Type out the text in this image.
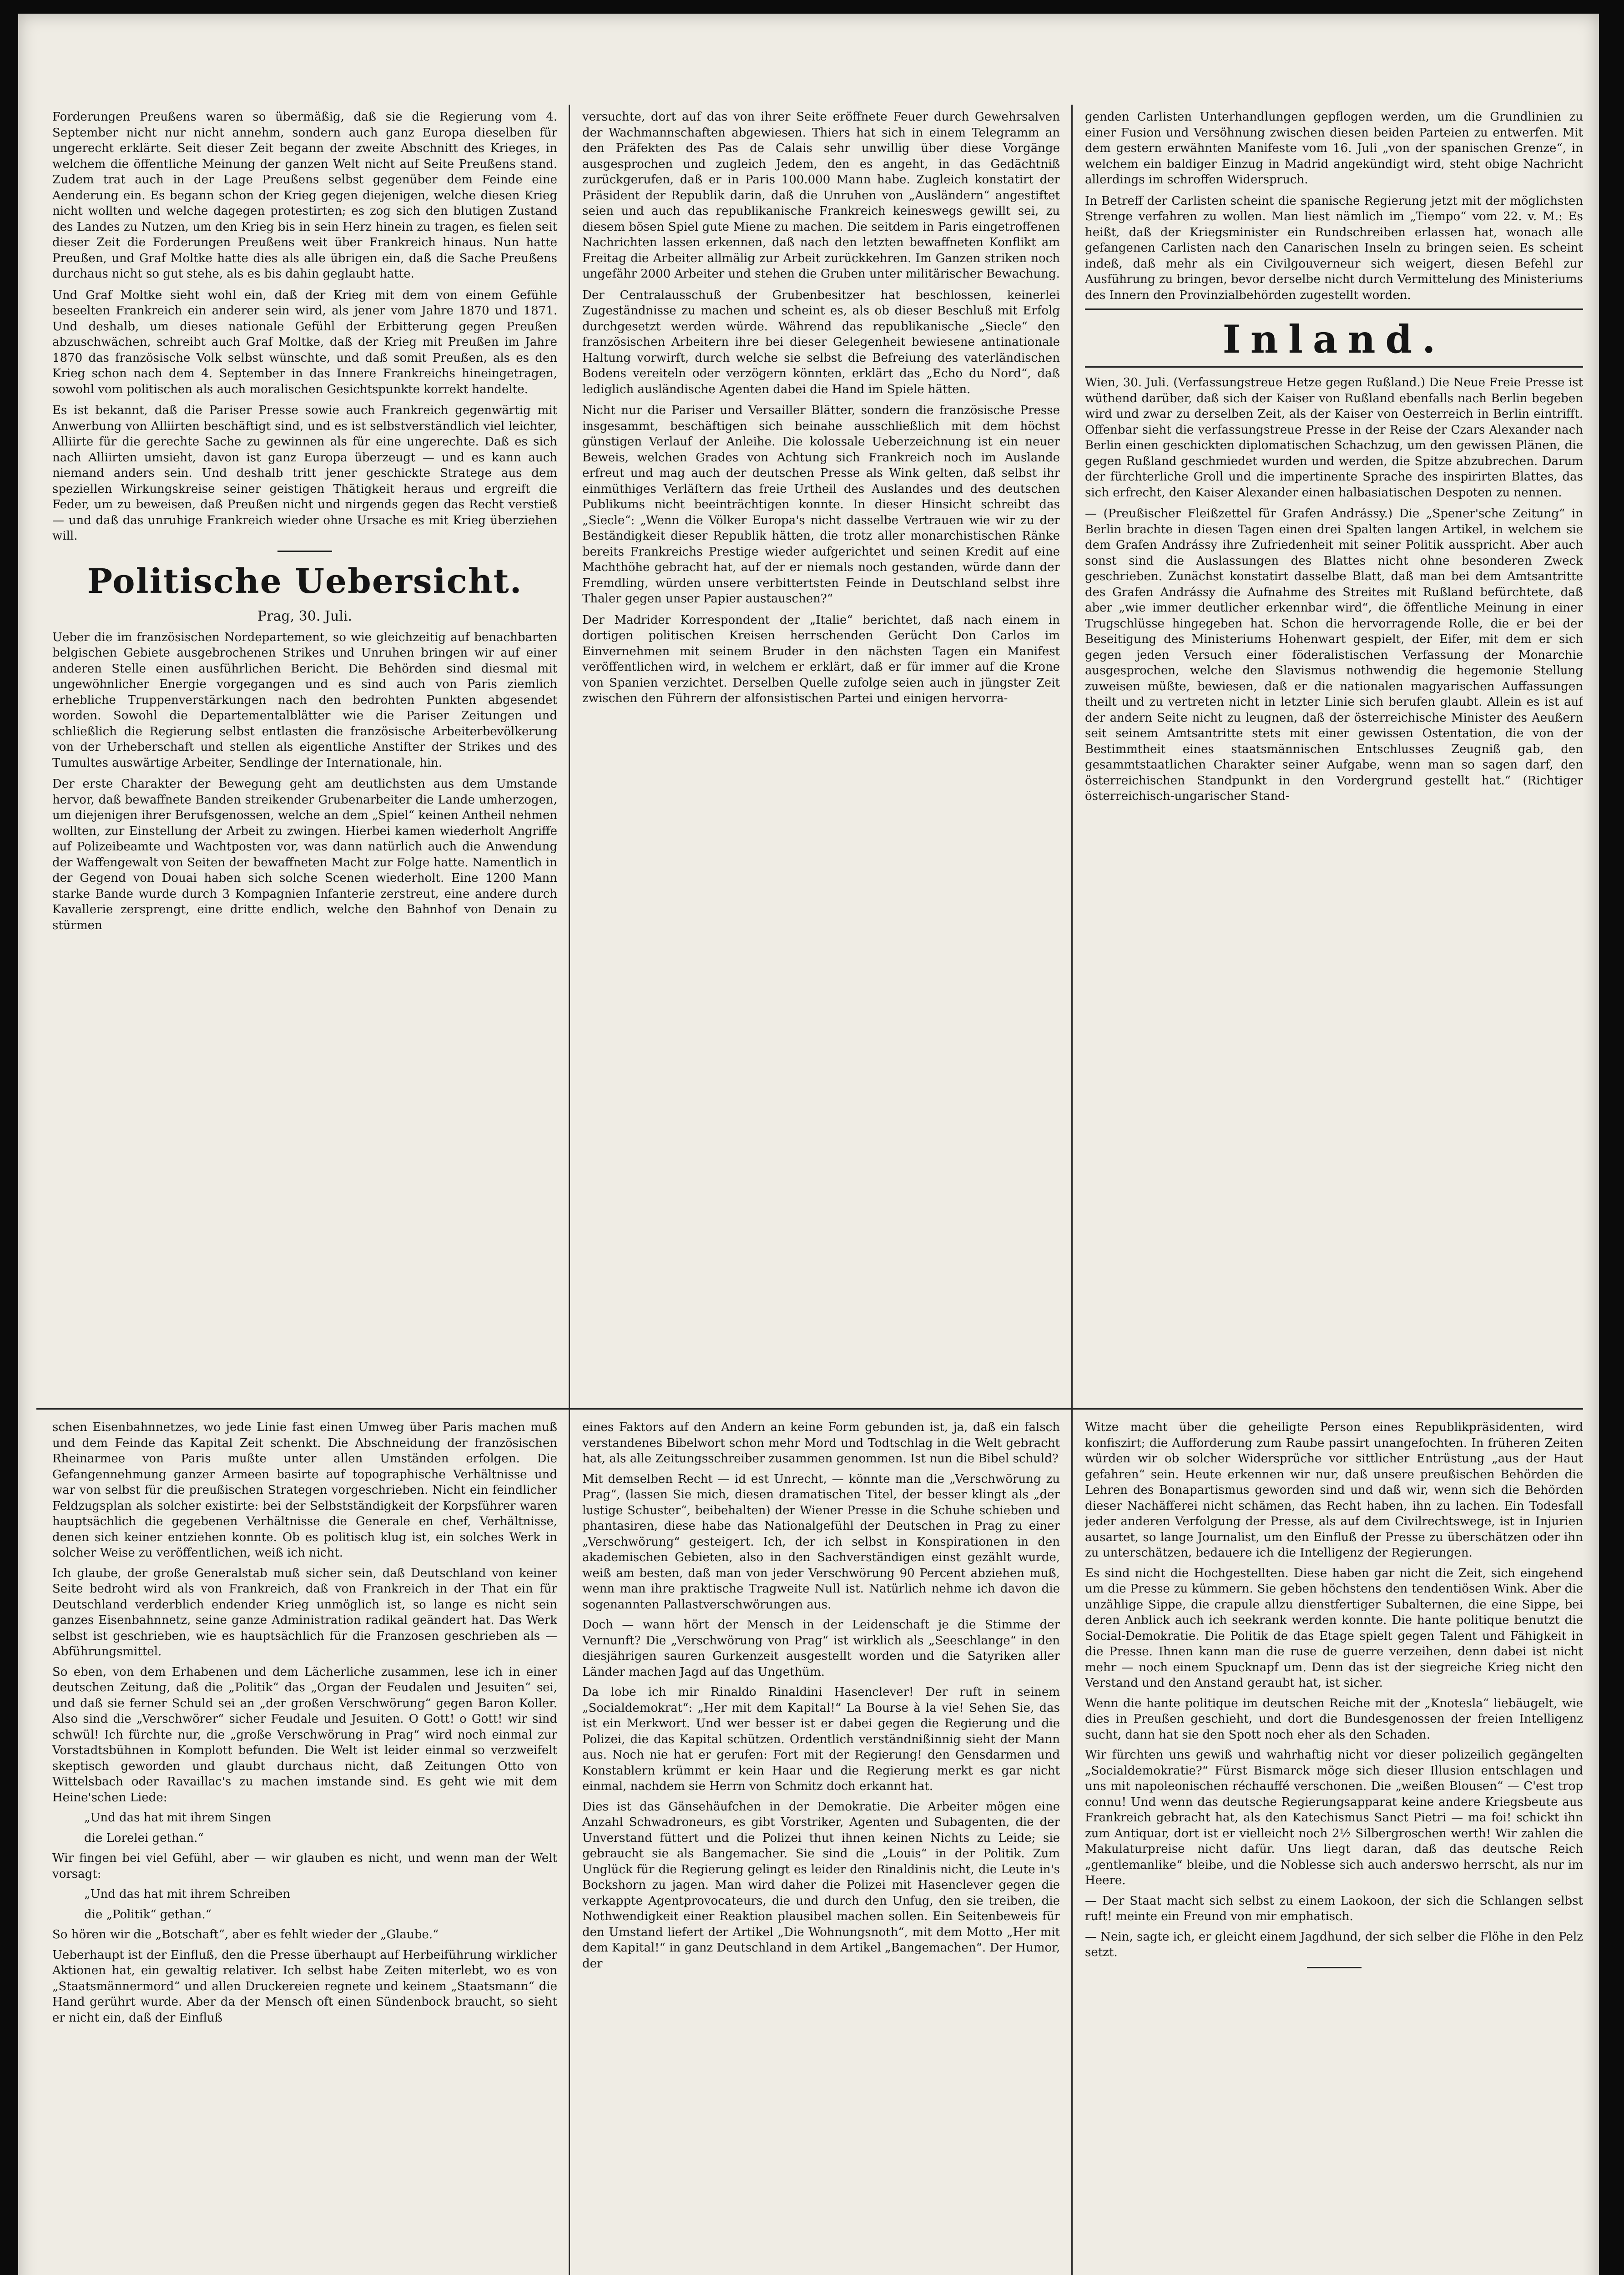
Forderungen Preußens waren so übermäßig, daß sie die Regierung vom 4. September nicht nur nicht annehm, sondern auch ganz Europa dieselben für ungerecht erklärte. Seit dieser Zeit begann der zweite Abschnitt des Krieges, in welchem die öffentliche Meinung der ganzen Welt nicht auf Seite Preußens stand. Zudem trat auch in der Lage Preußens selbst gegenüber dem Feinde eine Aenderung ein. Es begann schon der Krieg gegen diejenigen, welche diesen Krieg nicht wollten und welche dagegen protestirten; es zog sich den blutigen Zustand des Landes zu Nutzen, um den Krieg bis in sein Herz hinein zu tragen, es fielen seit dieser Zeit die Forderungen Preußens weit über Frankreich hinaus. Nun hatte Preußen, und Graf Moltke hatte dies als alle übrigen ein, daß die Sache Preußens durchaus nicht so gut stehe, als es bis dahin geglaubt hatte.

Und Graf Moltke sieht wohl ein, daß der Krieg mit dem von einem Gefühle beseelten Frankreich ein anderer sein wird, als jener vom Jahre 1870 und 1871. Und deshalb, um dieses nationale Gefühl der Erbitterung gegen Preußen abzuschwächen, schreibt auch Graf Moltke, daß der Krieg mit Preußen im Jahre 1870 das französische Volk selbst wünschte, und daß somit Preußen, als es den Krieg schon nach dem 4. September in das Innere Frankreichs hineingetragen, sowohl vom politischen als auch moralischen Gesichtspunkte korrekt handelte.

Es ist bekannt, daß die Pariser Presse sowie auch Frankreich gegenwärtig mit Anwerbung von Alliirten beschäftigt sind, und es ist selbstverständlich viel leichter, Alliirte für die gerechte Sache zu gewinnen als für eine ungerechte. Daß es sich nach Alliirten umsieht, davon ist ganz Europa überzeugt — und es kann auch niemand anders sein. Und deshalb tritt jener geschickte Stratege aus dem speziellen Wirkungskreise seiner geistigen Thätigkeit heraus und ergreift die Feder, um zu beweisen, daß Preußen nicht und nirgends gegen das Recht verstieß — und daß das unruhige Frankreich wieder ohne Ursache es mit Krieg überziehen will.

Politische Uebersicht.
Prag, 30. Juli.

Ueber die im französischen Nordepartement, so wie gleichzeitig auf benachbarten belgischen Gebiete ausgebrochenen Strikes und Unruhen bringen wir auf einer anderen Stelle einen ausführlichen Bericht. Die Behörden sind diesmal mit ungewöhnlicher Energie vorgegangen und es sind auch von Paris ziemlich erhebliche Truppenverstärkungen nach den bedrohten Punkten abgesendet worden. Sowohl die Departementalblätter wie die Pariser Zeitungen und schließlich die Regierung selbst entlasten die französische Arbeiterbevölkerung von der Urheberschaft und stellen als eigentliche Anstifter der Strikes und des Tumultes auswärtige Arbeiter, Sendlinge der Internationale, hin.

Der erste Charakter der Bewegung geht am deutlichsten aus dem Umstande hervor, daß bewaffnete Banden streikender Grubenarbeiter die Lande umherzogen, um diejenigen ihrer Berufsgenossen, welche an dem „Spiel“ keinen Antheil nehmen wollten, zur Einstellung der Arbeit zu zwingen. Hierbei kamen wiederholt Angriffe auf Polizeibeamte und Wachtposten vor, was dann natürlich auch die Anwendung der Waffengewalt von Seiten der bewaffneten Macht zur Folge hatte. Namentlich in der Gegend von Douai haben sich solche Scenen wiederholt. Eine 1200 Mann starke Bande wurde durch 3 Kompagnien Infanterie zerstreut, eine andere durch Kavallerie zersprengt, eine dritte endlich, welche den Bahnhof von Denain zu stürmen

versuchte, dort auf das von ihrer Seite eröffnete Feuer durch Gewehrsalven der Wachmannschaften abgewiesen. Thiers hat sich in einem Telegramm an den Präfekten des Pas de Calais sehr unwillig über diese Vorgänge ausgesprochen und zugleich Jedem, den es angeht, in das Gedächtniß zurückgerufen, daß er in Paris 100.000 Mann habe. Zugleich konstatirt der Präsident der Republik darin, daß die Unruhen von „Ausländern“ angestiftet seien und auch das republikanische Frankreich keineswegs gewillt sei, zu diesem bösen Spiel gute Miene zu machen. Die seitdem in Paris eingetroffenen Nachrichten lassen erkennen, daß nach den letzten bewaffneten Konflikt am Freitag die Arbeiter allmälig zur Arbeit zurückkehren. Im Ganzen striken noch ungefähr 2000 Arbeiter und stehen die Gruben unter militärischer Bewachung.

Der Centralausschuß der Grubenbesitzer hat beschlossen, keinerlei Zugeständnisse zu machen und scheint es, als ob dieser Beschluß mit Erfolg durchgesetzt werden würde. Während das republikanische „Siecle“ den französischen Arbeitern ihre bei dieser Gelegenheit bewiesene antinationale Haltung vorwirft, durch welche sie selbst die Befreiung des vaterländischen Bodens vereiteln oder verzögern könnten, erklärt das „Echo du Nord“, daß lediglich ausländische Agenten dabei die Hand im Spiele hätten.

Nicht nur die Pariser und Versailler Blätter, sondern die französische Presse insgesammt, beschäftigen sich beinahe ausschließlich mit dem höchst günstigen Verlauf der Anleihe. Die kolossale Ueberzeichnung ist ein neuer Beweis, welchen Grades von Achtung sich Frankreich noch im Auslande erfreut und mag auch der deutschen Presse als Wink gelten, daß selbst ihr einmüthiges Verläſtern das freie Urtheil des Auslandes und des deutschen Publikums nicht beeinträchtigen konnte. In dieser Hinsicht schreibt das „Siecle“: „Wenn die Völker Europa's nicht dasselbe Vertrauen wie wir zu der Beständigkeit dieser Republik hätten, die trotz aller monarchistischen Ränke bereits Frankreichs Prestige wieder aufgerichtet und seinen Kredit auf eine Machthöhe gebracht hat, auf der er niemals noch gestanden, würde dann der Fremdling, würden unsere verbittertsten Feinde in Deutschland selbst ihre Thaler gegen unser Papier austauschen?“

Der Madrider Korrespondent der „Italie“ berichtet, daß nach einem in dortigen politischen Kreisen herrschenden Gerücht Don Carlos im Einvernehmen mit seinem Bruder in den nächsten Tagen ein Manifest veröffentlichen wird, in welchem er erklärt, daß er für immer auf die Krone von Spanien verzichtet. Derselben Quelle zufolge seien auch in jüngster Zeit zwischen den Führern der alfonsistischen Partei und einigen hervorra-

genden Carlisten Unterhandlungen gepflogen werden, um die Grundlinien zu einer Fusion und Versöhnung zwischen diesen beiden Parteien zu entwerfen. Mit dem gestern erwähnten Manifeste vom 16. Juli „von der spanischen Grenze“, in welchem ein baldiger Einzug in Madrid angekündigt wird, steht obige Nachricht allerdings im schroffen Widerspruch.

In Betreff der Carlisten scheint die spanische Regierung jetzt mit der möglichsten Strenge verfahren zu wollen. Man liest nämlich im „Tiempo“ vom 22. v. M.: Es heißt, daß der Kriegsminister ein Rundschreiben erlassen hat, wonach alle gefangenen Carlisten nach den Canarischen Inseln zu bringen seien. Es scheint indeß, daß mehr als ein Civilgouverneur sich weigert, diesen Befehl zur Ausführung zu bringen, bevor derselbe nicht durch Vermittelung des Ministeriums des Innern den Provinzialbehörden zugestellt worden.

Inland.

Wien, 30. Juli. (Verfassungstreue Hetze gegen Rußland.) Die Neue Freie Presse ist wüthend darüber, daß sich der Kaiser von Rußland ebenfalls nach Berlin begeben wird und zwar zu derselben Zeit, als der Kaiser von Oesterreich in Berlin eintrifft. Offenbar sieht die verfassungstreue Presse in der Reise der Czars Alexander nach Berlin einen geschickten diplomatischen Schachzug, um den gewissen Plänen, die gegen Rußland geschmiedet wurden und werden, die Spitze abzubrechen. Darum der fürchterliche Groll und die impertinente Sprache des inspirirten Blattes, das sich erfrecht, den Kaiser Alexander einen halbasiatischen Despoten zu nennen.

— (Preußischer Fleißzettel für Grafen Andrássy.) Die „Spener'sche Zeitung“ in Berlin brachte in diesen Tagen einen drei Spalten langen Artikel, in welchem sie dem Grafen Andrássy ihre Zufriedenheit mit seiner Politik ausspricht. Aber auch sonst sind die Auslassungen des Blattes nicht ohne besonderen Zweck geschrieben. Zunächst konstatirt dasselbe Blatt, daß man bei dem Amtsantritte des Grafen Andrássy die Aufnahme des Streites mit Rußland befürchtete, daß aber „wie immer deutlicher erkennbar wird“, die öffentliche Meinung in einer Trugschlüsse hingegeben hat. Schon die hervorragende Rolle, die er bei der Beseitigung des Ministeriums Hohenwart gespielt, der Eifer, mit dem er sich gegen jeden Versuch einer föderalistischen Verfassung der Monarchie ausgesprochen, welche den Slavismus nothwendig die hegemonie Stellung zuweisen müßte, bewiesen, daß er die nationalen magyarischen Auffassungen theilt und zu vertreten nicht in letzter Linie sich berufen glaubt. Allein es ist auf der andern Seite nicht zu leugnen, daß der österreichische Minister des Aeußern seit seinem Amtsantritte stets mit einer gewissen Ostentation, die von der Bestimmtheit eines staatsmännischen Entschlusses Zeugniß gab, den gesammtstaatlichen Charakter seiner Aufgabe, wenn man so sagen darf, den österreichischen Standpunkt in den Vordergrund gestellt hat.“ (Richtiger österreichisch-ungarischer Stand-

schen Eisenbahnnetzes, wo jede Linie fast einen Umweg über Paris machen muß und dem Feinde das Kapital Zeit schenkt. Die Abschneidung der französischen Rheinarmee von Paris mußte unter allen Umständen erfolgen. Die Gefangennehmung ganzer Armeen basirte auf topographische Verhältnisse und war von selbst für die preußischen Strategen vorgeschrieben. Nicht ein feindlicher Feldzugsplan als solcher existirte: bei der Selbstständigkeit der Korpsführer waren hauptsächlich die gegebenen Verhältnisse die Generale en chef, Verhältnisse, denen sich keiner entziehen konnte. Ob es politisch klug ist, ein solches Werk in solcher Weise zu veröffentlichen, weiß ich nicht.

Ich glaube, der große Generalstab muß sicher sein, daß Deutschland von keiner Seite bedroht wird als von Frankreich, daß von Frankreich in der That ein für Deutschland verderblich endender Krieg unmöglich ist, so lange es nicht sein ganzes Eisenbahnnetz, seine ganze Administration radikal geändert hat. Das Werk selbst ist geschrieben, wie es hauptsächlich für die Franzosen geschrieben als — Abführungsmittel.

So eben, von dem Erhabenen und dem Lächerliche zusammen, lese ich in einer deutschen Zeitung, daß die „Politik“ das „Organ der Feudalen und Jesuiten“ sei, und daß sie ferner Schuld sei an „der großen Verschwörung“ gegen Baron Koller. Also sind die „Verschwörer“ sicher Feudale und Jesuiten. O Gott! o Gott! wir sind schwül! Ich fürchte nur, die „große Verschwörung in Prag“ wird noch einmal zur Vorstadtsbühnen in Komplott befunden. Die Welt ist leider einmal so verzweifelt skeptisch geworden und glaubt durchaus nicht, daß Zeitungen Otto von Wittelsbach oder Ravaillac's zu machen imstande sind. Es geht wie mit dem Heine'schen Liede:

„Und das hat mit ihrem Singen

die Lorelei gethan.“

Wir fingen bei viel Gefühl, aber — wir glauben es nicht, und wenn man der Welt vorsagt:

„Und das hat mit ihrem Schreiben

die „Politik“ gethan.“

So hören wir die „Botschaft“, aber es fehlt wieder der „Glaube.“

Ueberhaupt ist der Einfluß, den die Presse überhaupt auf Herbeiführung wirklicher Aktionen hat, ein gewaltig relativer. Ich selbst habe Zeiten miterlebt, wo es von „Staatsmännermord“ und allen Druckereien regnete und keinem „Staatsmann“ die Hand gerührt wurde. Aber da der Mensch oft einen Sündenbock braucht, so sieht er nicht ein, daß der Einfluß

eines Faktors auf den Andern an keine Form gebunden ist, ja, daß ein falsch verstandenes Bibelwort schon mehr Mord und Todtschlag in die Welt gebracht hat, als alle Zeitungsschreiber zusammen genommen. Ist nun die Bibel schuld?

Mit demselben Recht — id est Unrecht, — könnte man die „Verschwörung zu Prag“, (lassen Sie mich, diesen dramatischen Titel, der besser klingt als „der lustige Schuster“, beibehalten) der Wiener Presse in die Schuhe schieben und phantasiren, diese habe das Nationalgefühl der Deutschen in Prag zu einer „Verschwörung“ gesteigert. Ich, der ich selbst in Konspirationen in den akademischen Gebieten, also in den Sachverständigen einst gezählt wurde, weiß am besten, daß man von jeder Verschwörung 90 Percent abziehen muß, wenn man ihre praktische Tragweite Null ist. Natürlich nehme ich davon die sogenannten Pallastverschwörungen aus.

Doch — wann hört der Mensch in der Leidenschaft je die Stimme der Vernunft? Die „Verschwörung von Prag“ ist wirklich als „Seeschlange“ in den diesjährigen sauren Gurkenzeit ausgestellt worden und die Satyriken aller Länder machen Jagd auf das Ungethüm.

Da lobe ich mir Rinaldo Rinaldini Hasenclever! Der ruft in seinem „Socialdemokrat“: „Her mit dem Kapital!“ La Bourse à la vie! Sehen Sie, das ist ein Merkwort. Und wer besser ist er dabei gegen die Regierung und die Polizei, die das Kapital schützen. Ordentlich verständnißinnig sieht der Mann aus. Noch nie hat er gerufen: Fort mit der Regierung! den Gensdarmen und Konstablern krümmt er kein Haar und die Regierung merkt es gar nicht einmal, nachdem sie Herrn von Schmitz doch erkannt hat.

Dies ist das Gänsehäufchen in der Demokratie. Die Arbeiter mögen eine Anzahl Schwadroneurs, es gibt Vorstriker, Agenten und Subagenten, die der Unverstand füttert und die Polizei thut ihnen keinen Nichts zu Leide; sie gebraucht sie als Bangemacher. Sie sind die „Louis“ in der Politik. Zum Unglück für die Regierung gelingt es leider den Rinaldinis nicht, die Leute in's Bockshorn zu jagen. Man wird daher die Polizei mit Hasenclever gegen die verkappte Agentprovocateurs, die und durch den Unfug, den sie treiben, die Nothwendigkeit einer Reaktion plausibel machen sollen. Ein Seitenbeweis für den Umstand liefert der Artikel „Die Wohnungsnoth“, mit dem Motto „Her mit dem Kapital!“ in ganz Deutschland in dem Artikel „Bangemachen“. Der Humor, der

Witze macht über die geheiligte Person eines Republikpräsidenten, wird konfiszirt; die Aufforderung zum Raube passirt unangefochten. In früheren Zeiten würden wir ob solcher Widersprüche vor sittlicher Entrüstung „aus der Haut gefahren“ sein. Heute erkennen wir nur, daß unsere preußischen Behörden die Lehren des Bonapartismus geworden sind und daß wir, wenn sich die Behörden dieser Nachäfferei nicht schämen, das Recht haben, ihn zu lachen. Ein Todesfall jeder anderen Verfolgung der Presse, als auf dem Civilrechtswege, ist in Injurien ausartet, so lange Journalist, um den Einfluß der Presse zu überschätzen oder ihn zu unterschätzen, bedauere ich die Intelligenz der Regierungen.

Es sind nicht die Hochgestellten. Diese haben gar nicht die Zeit, sich eingehend um die Presse zu kümmern. Sie geben höchstens den tendentiösen Wink. Aber die unzählige Sippe, die crapule allzu dienstfertiger Subalternen, die eine Sippe, bei deren Anblick auch ich seekrank werden konnte. Die hante politique benutzt die Social-Demokratie. Die Politik de das Etage spielt gegen Talent und Fähigkeit in die Presse. Ihnen kann man die ruse de guerre verzeihen, denn dabei ist nicht mehr — noch einem Spucknapf um. Denn das ist der siegreiche Krieg nicht den Verstand und den Anstand geraubt hat, ist sicher.

Wenn die hante politique im deutschen Reiche mit der „Knotesla“ liebäugelt, wie dies in Preußen geschieht, und dort die Bundesgenossen der freien Intelligenz sucht, dann hat sie den Spott noch eher als den Schaden.

Wir fürchten uns gewiß und wahrhaftig nicht vor dieser polizeilich gegängelten „Socialdemokratie?“ Fürst Bismarck möge sich dieser Illusion entschlagen und uns mit napoleonischen réchauffé verschonen. Die „weißen Blousen“ — C'est trop connu! Und wenn das deutsche Regierungsapparat keine andere Kriegsbeute aus Frankreich gebracht hat, als den Katechismus Sanct Pietri — ma foi! schickt ihn zum Antiquar, dort ist er vielleicht noch 2½ Silbergroschen werth! Wir zahlen die Makulaturpreise nicht dafür. Uns liegt daran, daß das deutsche Reich „gentlemanlike“ bleibe, und die Noblesse sich auch anderswo herrscht, als nur im Heere.

— Der Staat macht sich selbst zu einem Laokoon, der sich die Schlangen selbst ruft! meinte ein Freund von mir emphatisch.

— Nein, sagte ich, er gleicht einem Jagdhund, der sich selber die Flöhe in den Pelz setzt.
